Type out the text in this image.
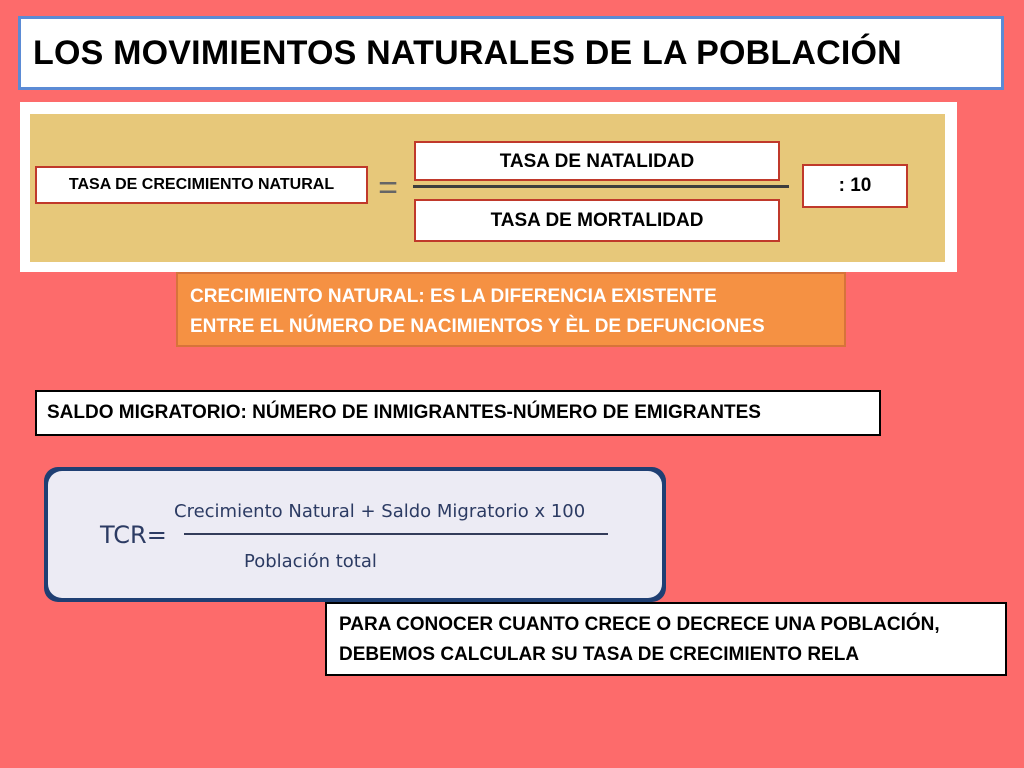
LOS MOVIMIENTOS NATURALES DE LA POBLACIÓN
TASA DE CRECIMIENTO NATURAL	=
TASA DE NATALIDAD
TASA DE MORTALIDAD
: 10
CRECIMIENTO NATURAL: ES LA DIFERENCIA EXISTENTE
ENTRE EL NÚMERO DE NACIMIENTOS Y ÈL DE DEFUNCIONES
SALDO MIGRATORIO: NÚMERO DE INMIGRANTES-NÚMERO DE EMIGRANTES
TCR=
Crecimiento Natural + Saldo Migratorio x 100
Población total
PARA CONOCER CUANTO CRECE O DECRECE UNA POBLACIÓN,
DEBEMOS CALCULAR SU TASA DE CRECIMIENTO RELA
